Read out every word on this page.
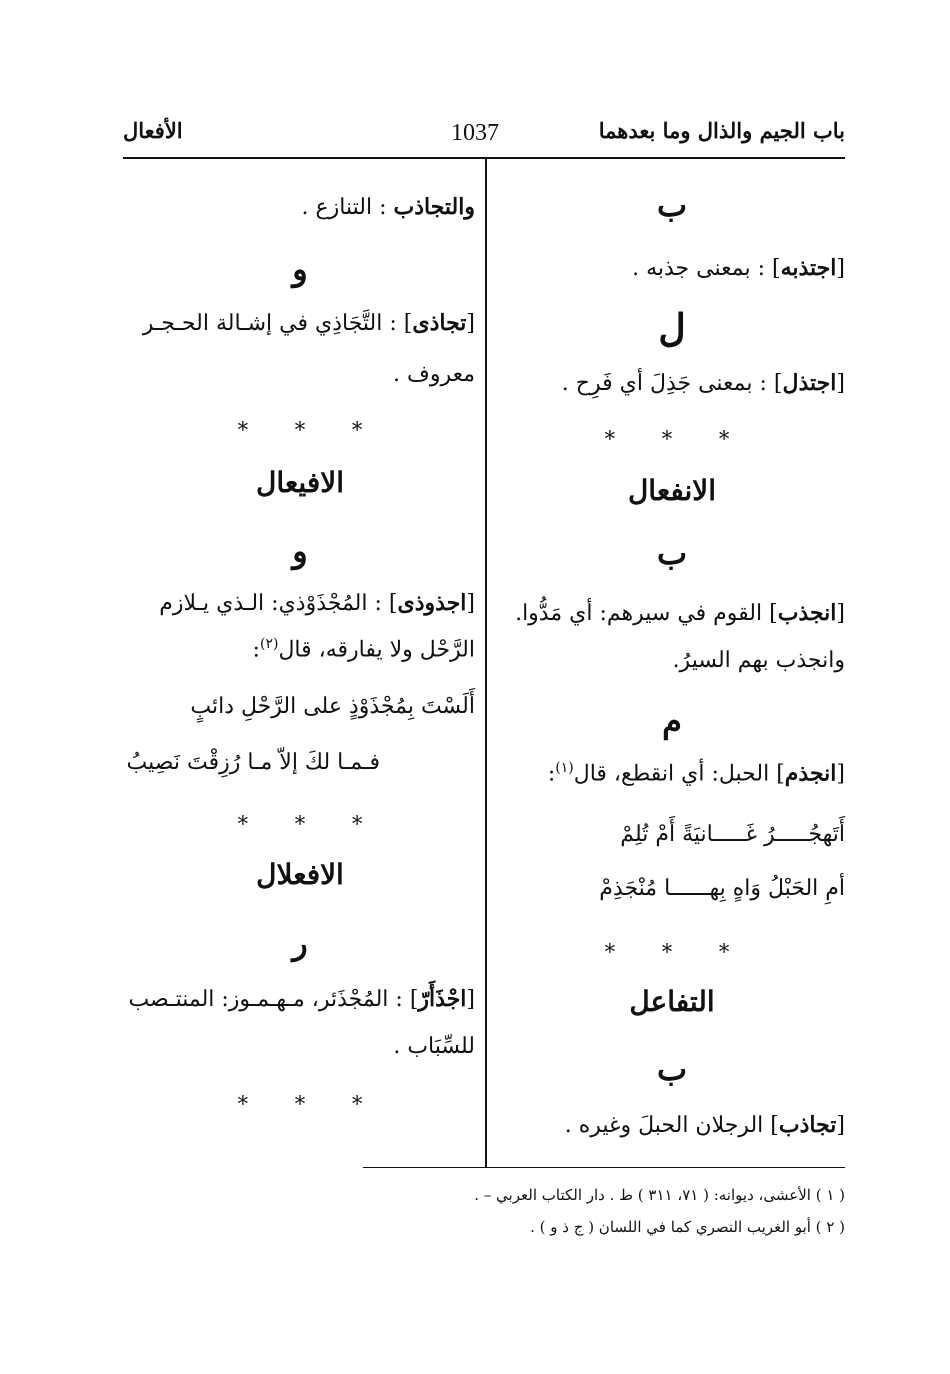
باب الجيم والذال وما بعدهما
1037
الأفعال
ب
[اجتذبه] : بمعنى جذبه .
ل
[اجتذل] : بمعنى جَذِلَ أي فَرِح .
* * *
الانفعال
ب
[انجذب] القوم في سيرهم: أي مَدُّوا.
وانجذب بهم السيرُ.
م
[انجذم] الحبل: أي انقطع، قال$^{(١)}$:
أَتَهجُـــــرُ غَـــــانيَةً أَمْ تُلِمْ
أمِ الحَبْلُ وَاهٍ بِهــــــا مُنْجَذِمْ
* * *
التفاعل
ب
[تجاذب] الرجلان الحبلَ وغيره .
والتجاذب : التنازع .
و
[تجاذى] : التَّجَاذِي في إشـالة الحـجـر
معروف .
* * *
الافيعال
و
[اجذوذى] : المُجْذَوْذي: الـذي يـلازم
الرَّحْل ولا يفارقه، قال$^{(٢)}$:
أَلَسْتَ بِمُجْذَوْذٍ على الرَّحْلِ دائبٍ
فـمـا لكَ إلاّ مـا رُزِقْتَ نَصِيبُ
* * *
الافعلال
ر
[اجْذَأَرّ] : المُجْذَئر، مـهـمـوز: المنتـصب
للسِّبَاب .
* * *
( ١ ) الأعشى، ديوانه: ( ٧١، ٣١١ ) ط . دار الكتاب العربي – .
( ٢ ) أبو الغريب النصري كما في اللسان ( ج ذ و ) .
